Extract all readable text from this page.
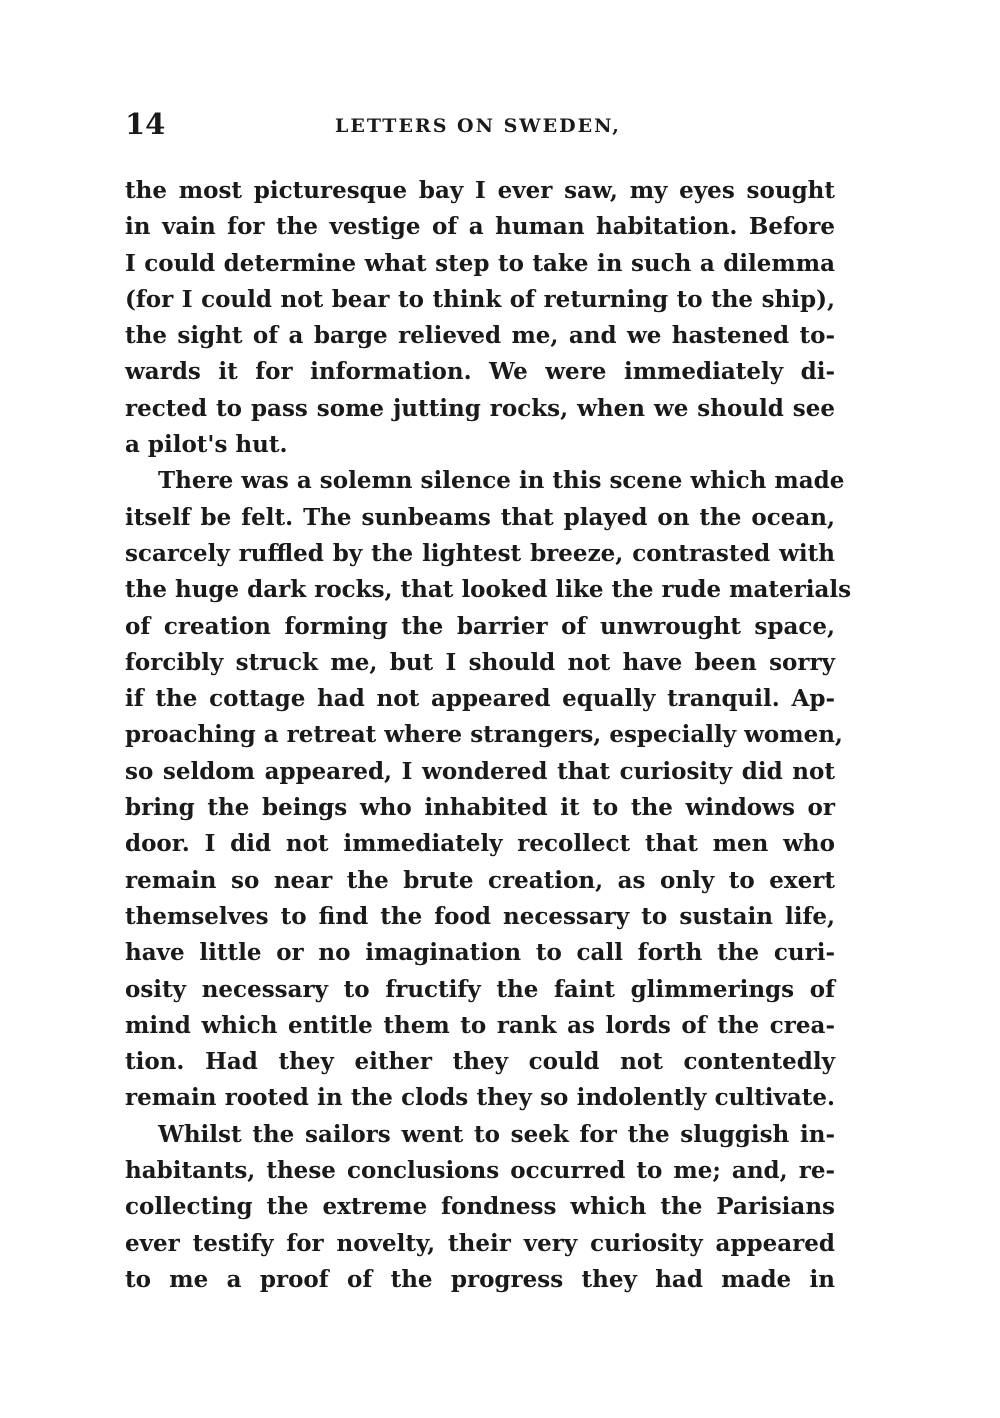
14	LETTERS ON SWEDEN,
the most picturesque bay I ever saw, my eyes sought
in vain for the vestige of a human habitation. Before
I could determine what step to take in such a dilemma
(for I could not bear to think of returning to the ship),
the sight of a barge relieved me, and we hastened to-
wards it for information. We were immediately di-
rected to pass some jutting rocks, when we should see
a pilot's hut.
There was a solemn silence in this scene which made
itself be felt. The sunbeams that played on the ocean,
scarcely ruffled by the lightest breeze, contrasted with
the huge dark rocks, that looked like the rude materials
of creation forming the barrier of unwrought space,
forcibly struck me, but I should not have been sorry
if the cottage had not appeared equally tranquil. Ap-
proaching a retreat where strangers, especially women,
so seldom appeared, I wondered that curiosity did not
bring the beings who inhabited it to the windows or
door. I did not immediately recollect that men who
remain so near the brute creation, as only to exert
themselves to find the food necessary to sustain life,
have little or no imagination to call forth the curi-
osity necessary to fructify the faint glimmerings of
mind which entitle them to rank as lords of the crea-
tion. Had they either they could not contentedly
remain rooted in the clods they so indolently cultivate.
Whilst the sailors went to seek for the sluggish in-
habitants, these conclusions occurred to me; and, re-
collecting the extreme fondness which the Parisians
ever testify for novelty, their very curiosity appeared
to me a proof of the progress they had made in
